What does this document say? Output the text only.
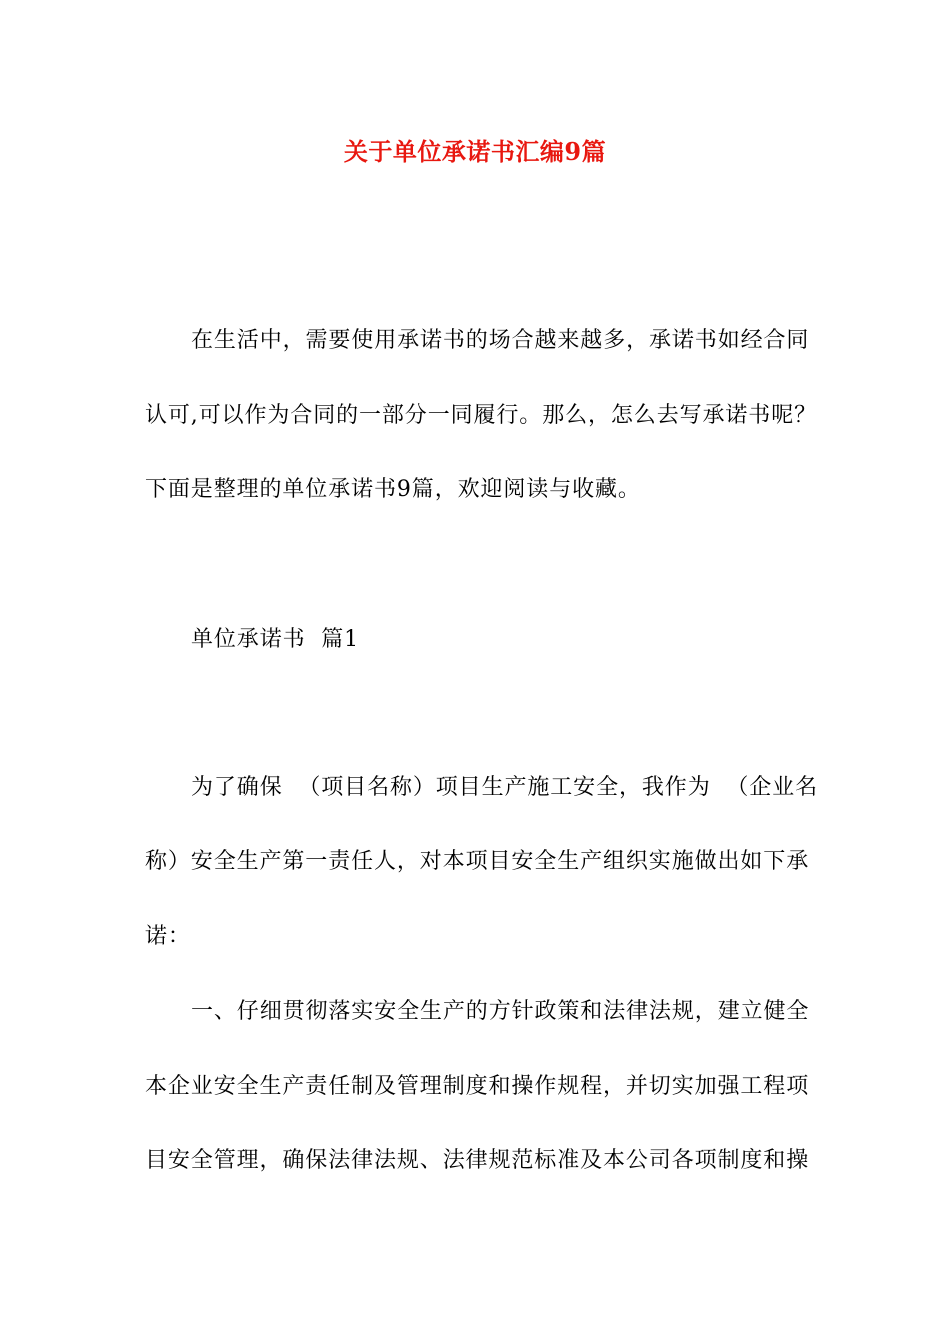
关于单位承诺书汇编9篇
在生活中，需要使用承诺书的场合越来越多，承诺书如经合同
认可,可以作为合同的一部分一同履行。那么，怎么去写承诺书呢？
下面是整理的单位承诺书9篇，欢迎阅读与收藏。
单位承诺书  篇1
为了确保  （项目名称）项目生产施工安全，我作为  （企业名
称）安全生产第一责任人，对本项目安全生产组织实施做出如下承
诺：
一、仔细贯彻落实安全生产的方针政策和法律法规，建立健全
本企业安全生产责任制及管理制度和操作规程，并切实加强工程项
目安全管理，确保法律法规、法律规范标准及本公司各项制度和操
